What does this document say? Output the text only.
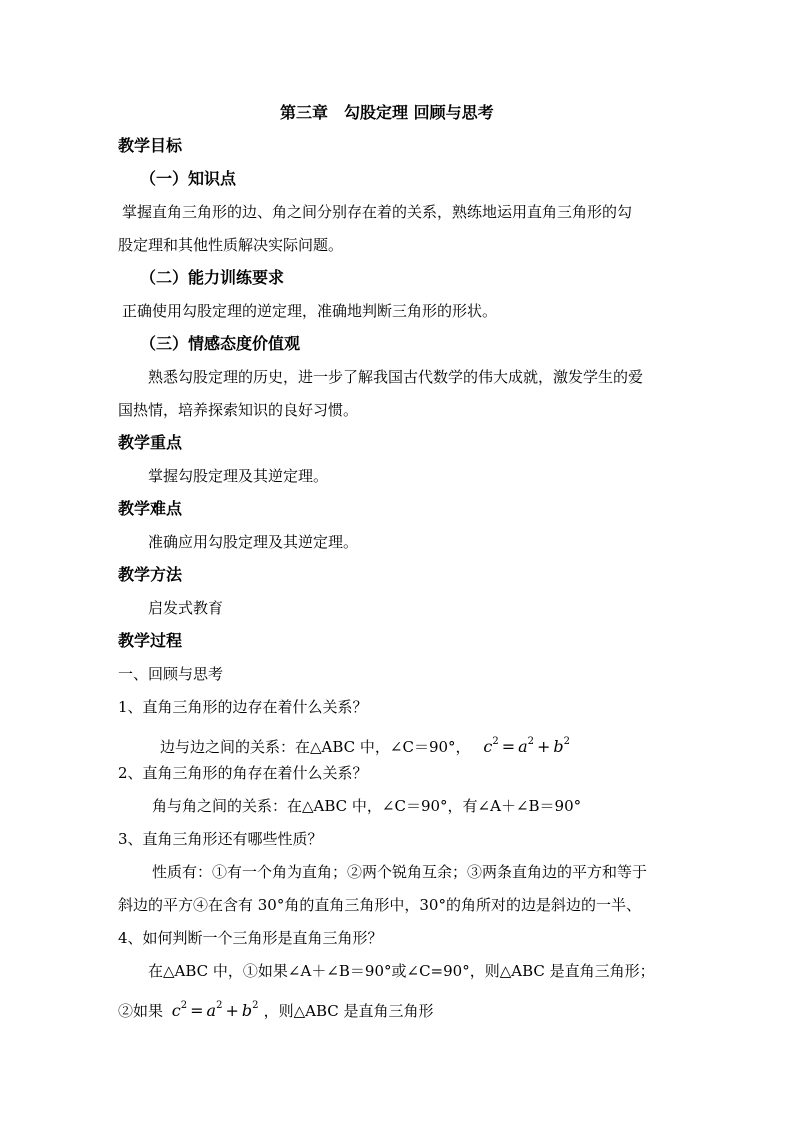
第三章　勾股定理 回顾与思考
教学目标
（一）知识点
掌握直角三角形的边、角之间分别存在着的关系，熟练地运用直角三角形的勾
股定理和其他性质解决实际问题。
（二）能力训练要求
正确使用勾股定理的逆定理，准确地判断三角形的形状。
（三）情感态度价值观
熟悉勾股定理的历史，进一步了解我国古代数学的伟大成就，激发学生的爱
国热情，培养探索知识的良好习惯。
教学重点
掌握勾股定理及其逆定理。
教学难点
准确应用勾股定理及其逆定理。
教学方法
启发式教育
教学过程
一、回顾与思考
1、直角三角形的边存在着什么关系？
边与边之间的关系：在△ABC 中，∠C＝90°， $c^2 = a^2 + b^2$
2、直角三角形的角存在着什么关系？
角与角之间的关系：在△ABC 中，∠C＝90°，有∠A＋∠B＝90°
3、直角三角形还有哪些性质？
性质有：①有一个角为直角；②两个锐角互余；③两条直角边的平方和等于
斜边的平方④在含有 30°角的直角三角形中，30°的角所对的边是斜边的一半、
4、如何判断一个三角形是直角三角形？
在△ABC 中，①如果∠A＋∠B＝90°或∠C=90°，则△ABC 是直角三角形；
②如果 $c^2 = a^2 + b^2$ ，则△ABC 是直角三角形
